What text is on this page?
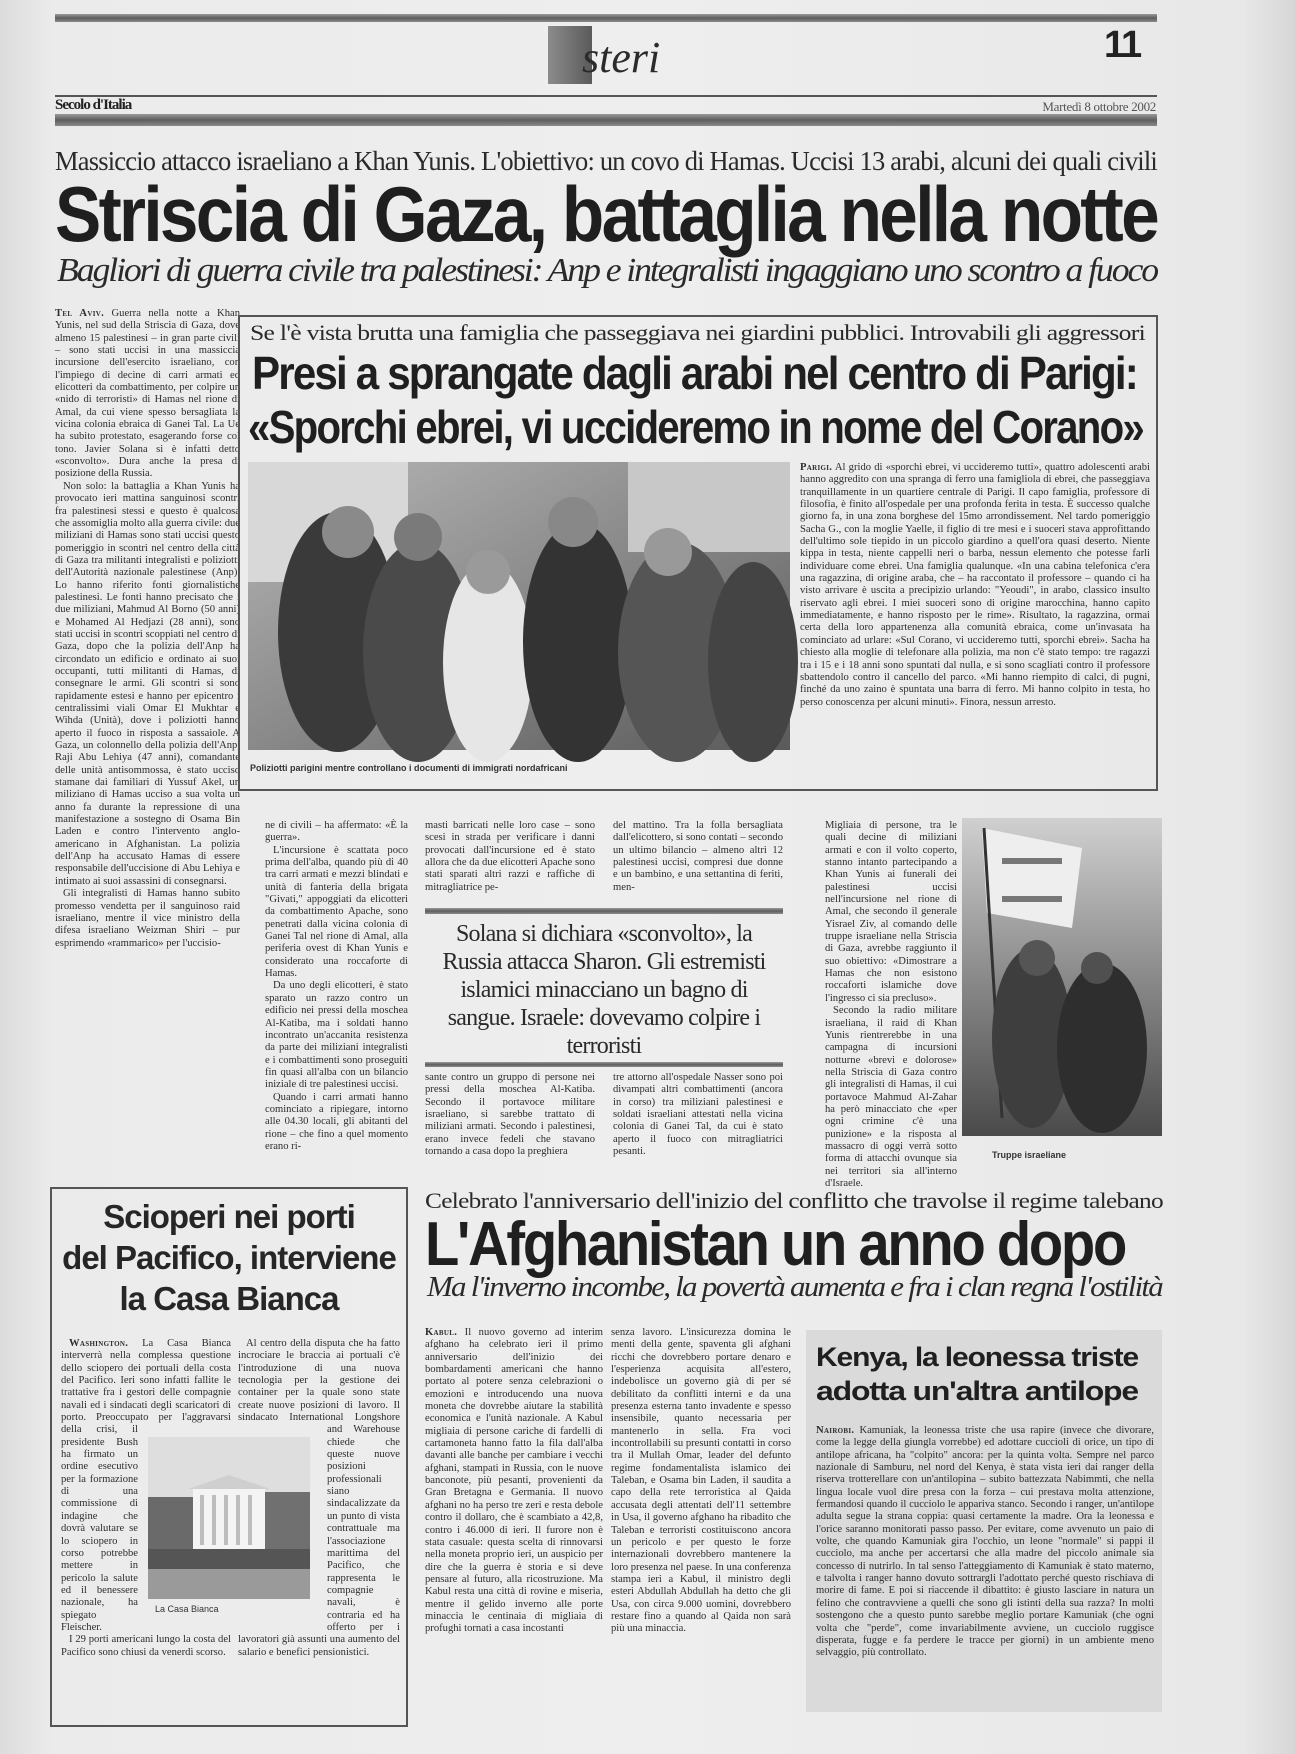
steri	11
Secolo d'Italia	Martedì 8 ottobre 2002
Massiccio attacco israeliano a Khan Yunis. L'obiettivo: un covo di Hamas. Uccisi 13 arabi, alcuni dei quali civili
Striscia di Gaza, battaglia nella notte
Bagliori di guerra civile tra palestinesi: Anp e integralisti ingaggiano uno scontro a fuoco

Tel Aviv. Guerra nella notte a Khan Yunis, nel sud della Striscia di Gaza, dove almeno 15 palestinesi – in gran parte civili – sono stati uccisi in una massiccia incursione dell'esercito israeliano, con l'impiego di decine di carri armati ed elicotteri da combattimento, per colpire un «nido di terroristi» di Hamas nel rione di Amal, da cui viene spesso bersagliata la vicina colonia ebraica di Ganei Tal. La Ue ha subito protestato, esagerando forse col tono. Javier Solana si è infatti detto «sconvolto». Dura anche la presa di posizione della Russia.

Non solo: la battaglia a Khan Yunis ha provocato ieri mattina sanguinosi scontri fra palestinesi stessi e questo è qualcosa che assomiglia molto alla guerra civile: due miliziani di Hamas sono stati uccisi questo pomeriggio in scontri nel centro della città di Gaza tra militanti integralisti e poliziotti dell'Autorità nazionale palestinese (Anp). Lo hanno riferito fonti giornalistiche palestinesi. Le fonti hanno precisato che i due miliziani, Mahmud Al Borno (50 anni) e Mohamed Al Hedjazi (28 anni), sono stati uccisi in scontri scoppiati nel centro di Gaza, dopo che la polizia dell'Anp ha circondato un edificio e ordinato ai suoi occupanti, tutti militanti di Hamas, di consegnare le armi. Gli scontri si sono rapidamente estesi e hanno per epicentro i centralissimi viali Omar El Mukhtar e Wihda (Unità), dove i poliziotti hanno aperto il fuoco in risposta a sassaiole. A Gaza, un colonnello della polizia dell'Anp, Raji Abu Lehiya (47 anni), comandante delle unità antisommossa, è stato ucciso stamane dai familiari di Yussuf Akel, un miliziano di Hamas ucciso a sua volta un anno fa durante la repressione di una manifestazione a sostegno di Osama Bin Laden e contro l'intervento anglo-americano in Afghanistan. La polizia dell'Anp ha accusato Hamas di essere responsabile dell'uccisione di Abu Lehiya e intimato ai suoi assassini di consegnarsi.

Gli integralisti di Hamas hanno subito promesso vendetta per il sanguinoso raid israeliano, mentre il vice ministro della difesa israeliano Weizman Shiri – pur esprimendo «rammarico» per l'uccisio-

Se l'è vista brutta una famiglia che passeggiava nei giardini pubblici. Introvabili gli aggressori
Presi a sprangate dagli arabi nel centro di Parigi:
«Sporchi ebrei, vi uccideremo in nome del Corano»
Poliziotti parigini mentre controllano i documenti di immigrati nordafricani

Parigi. Al grido di «sporchi ebrei, vi uccideremo tutti», quattro adolescenti arabi hanno aggredito con una spranga di ferro una famigliola di ebrei, che passeggiava tranquillamente in un quartiere centrale di Parigi. Il capo famiglia, professore di filosofia, è finito all'ospedale per una profonda ferita in testa. È successo qualche giorno fa, in una zona borghese del 15mo arrondissement. Nel tardo pomeriggio Sacha G., con la moglie Yaelle, il figlio di tre mesi e i suoceri stava approfittando dell'ultimo sole tiepido in un piccolo giardino a quell'ora quasi deserto. Niente kippa in testa, niente cappelli neri o barba, nessun elemento che potesse farli individuare come ebrei. Una famiglia qualunque. «In una cabina telefonica c'era una ragazzina, di origine araba, che – ha raccontato il professore – quando ci ha visto arrivare è uscita a precipizio urlando: "Yeoudi", in arabo, classico insulto riservato agli ebrei. I miei suoceri sono di origine marocchina, hanno capito immediatamente, e hanno risposto per le rime». Risultato, la ragazzina, ormai certa della loro appartenenza alla comunità ebraica, come un'invasata ha cominciato ad urlare: «Sul Corano, vi uccideremo tutti, sporchi ebrei». Sacha ha chiesto alla moglie di telefonare alla polizia, ma non c'è stato tempo: tre ragazzi tra i 15 e i 18 anni sono spuntati dal nulla, e si sono scagliati contro il professore sbattendolo contro il cancello del parco. «Mi hanno riempito di calci, di pugni, finché da uno zaino è spuntata una barra di ferro. Mi hanno colpito in testa, ho perso conoscenza per alcuni minuti». Finora, nessun arresto.

ne di civili – ha affermato: «È la guerra».

L'incursione è scattata poco prima dell'alba, quando più di 40 tra carri armati e mezzi blindati e unità di fanteria della brigata "Givati," appoggiati da elicotteri da combattimento Apache, sono penetrati dalla vicina colonia di Ganei Tal nel rione di Amal, alla periferia ovest di Khan Yunis e considerato una roccaforte di Hamas.

Da uno degli elicotteri, è stato sparato un razzo contro un edificio nei pressi della moschea Al-Katiba, ma i soldati hanno incontrato un'accanita resistenza da parte dei miliziani integralisti e i combattimenti sono proseguiti fin quasi all'alba con un bilancio iniziale di tre palestinesi uccisi.

Quando i carri armati hanno cominciato a ripiegare, intorno alle 04.30 locali, gli abitanti del rione – che fino a quel momento erano ri-

masti barricati nelle loro case – sono scesi in strada per verificare i danni provocati dall'incursione ed è stato allora che da due elicotteri Apache sono stati sparati altri razzi e raffiche di mitragliatrice pe-

del mattino. Tra la folla bersagliata dall'elicottero, si sono contati – secondo un ultimo bilancio – almeno altri 12 palestinesi uccisi, compresi due donne e un bambino, e una settantina di feriti, men-

Solana si dichiara «sconvolto», la Russia attacca Sharon. Gli estremisti islamici minacciano un bagno di sangue. Israele: dovevamo colpire i terroristi

sante contro un gruppo di persone nei pressi della moschea Al-Katiba. Secondo il portavoce militare israeliano, si sarebbe trattato di miliziani armati. Secondo i palestinesi, erano invece fedeli che stavano tornando a casa dopo la preghiera

tre attorno all'ospedale Nasser sono poi divampati altri combattimenti (ancora in corso) tra miliziani palestinesi e soldati israeliani attestati nella vicina colonia di Ganei Tal, da cui è stato aperto il fuoco con mitragliatrici pesanti.

Migliaia di persone, tra le quali decine di miliziani armati e con il volto coperto, stanno intanto partecipando a Khan Yunis ai funerali dei palestinesi uccisi nell'incursione nel rione di Amal, che secondo il generale Yisrael Ziv, al comando delle truppe israeliane nella Striscia di Gaza, avrebbe raggiunto il suo obiettivo: «Dimostrare a Hamas che non esistono roccaforti islamiche dove l'ingresso ci sia precluso».

Secondo la radio militare israeliana, il raid di Khan Yunis rientrerebbe in una campagna di incursioni notturne «brevi e dolorose» nella Striscia di Gaza contro gli integralisti di Hamas, il cui portavoce Mahmud Al-Zahar ha però minacciato che «per ogni crimine c'è una punizione» e la risposta al massacro di oggi verrà sotto forma di attacchi ovunque sia nei territori sia all'interno d'Israele.

Truppe israeliane
Scioperi nei porti
del Pacifico, interviene
la Casa Bianca
La Casa Bianca

Washington. La Casa Bianca interverrà nella complessa questione dello sciopero dei portuali della costa del Pacifico. Ieri sono infatti fallite le trattative fra i gestori delle compagnie navali ed i sindacati degli scaricatori di porto. Preoccupato per l'aggravarsi della crisi, il presidente Bush ha firmato un ordine esecutivo per la formazione di una commissione di indagine che dovrà valutare se lo sciopero in corso potrebbe mettere in pericolo la salute ed il benessere nazionale, ha spiegato Fleischer.

I 29 porti americani lungo la costa del Pacifico sono chiusi da venerdì scorso.

Al centro della disputa che ha fatto incrociare le braccia ai portuali c'è l'introduzione di una nuova tecnologia per la gestione dei container per la quale sono state create nuove posizioni di lavoro. Il sindacato International Longshore and Warehouse chiede che queste nuove posizioni professionali siano sindacalizzate da un punto di vista contrattuale ma l'associazione marittima del Pacifico, che rappresenta le compagnie navali, è contraria ed ha offerto per i lavoratori già assunti una aumento del salario e benefici pensionistici.

Celebrato l'anniversario dell'inizio del conflitto che travolse il regime talebano
L'Afghanistan un anno dopo
Ma l'inverno incombe, la povertà aumenta e fra i clan regna l'ostilità

Kabul. Il nuovo governo ad interim afghano ha celebrato ieri il primo anniversario dell'inizio dei bombardamenti americani che hanno portato al potere senza celebrazioni o emozioni e introducendo una nuova moneta che dovrebbe aiutare la stabilità economica e l'unità nazionale. A Kabul migliaia di persone cariche di fardelli di cartamoneta hanno fatto la fila dall'alba davanti alle banche per cambiare i vecchi afghani, stampati in Russia, con le nuove banconote, più pesanti, provenienti da Gran Bretagna e Germania. Il nuovo afghani no ha perso tre zeri e resta debole contro il dollaro, che è scambiato a 42,8, contro i 46.000 di ieri. Il furore non è stata casuale: questa scelta di rinnovarsi nella moneta proprio ieri, un auspicio per dire che la guerra è storia e si deve pensare al futuro, alla ricostruzione. Ma Kabul resta una città di rovine e miseria, mentre il gelido inverno alle porte minaccia le centinaia di migliaia di profughi tornati a casa incostanti

senza lavoro. L'insicurezza domina le menti della gente, spaventa gli afghani ricchi che dovrebbero portare denaro e l'esperienza acquisita all'estero, indebolisce un governo già di per sé debilitato da conflitti interni e da una presenza esterna tanto invadente e spesso insensibile, quanto necessaria per mantenerlo in sella. Fra voci incontrollabili su presunti contatti in corso tra il Mullah Omar, leader del defunto regime fondamentalista islamico dei Taleban, e Osama bin Laden, il saudita a capo della rete terroristica al Qaida accusata degli attentati dell'11 settembre in Usa, il governo afghano ha ribadito che Taleban e terroristi costituiscono ancora un pericolo e per questo le forze internazionali dovrebbero mantenere la loro presenza nel paese. In una conferenza stampa ieri a Kabul, il ministro degli esteri Abdullah Abdullah ha detto che gli Usa, con circa 9.000 uomini, dovrebbero restare fino a quando al Qaida non sarà più una minaccia.

Kenya, la leonessa triste
adotta un'altra antilope

Nairobi. Kamuniak, la leonessa triste che usa rapire (invece che divorare, come la legge della giungla vorrebbe) ed adottare cuccioli di orice, un tipo di antilope africana, ha "colpito" ancora: per la quinta volta. Sempre nel parco nazionale di Samburu, nel nord del Kenya, è stata vista ieri dai ranger della riserva trotterellare con un'antilopina – subito battezzata Nabimmti, che nella lingua locale vuol dire presa con la forza – cui prestava molta attenzione, fermandosi quando il cucciolo le appariva stanco. Secondo i ranger, un'antilope adulta segue la strana coppia: quasi certamente la madre. Ora la leonessa e l'orice saranno monitorati passo passo. Per evitare, come avvenuto un paio di volte, che quando Kamuniak gira l'occhio, un leone "normale" si pappi il cucciolo, ma anche per accertarsi che alla madre del piccolo animale sia concesso di nutrirlo. In tal senso l'atteggiamento di Kamuniak è stato materno, e talvolta i ranger hanno dovuto sottrargli l'adottato perché questo rischiava di morire di fame. E poi si riaccende il dibattito: è giusto lasciare in natura un felino che contravviene a quelli che sono gli istinti della sua razza? In molti sostengono che a questo punto sarebbe meglio portare Kamuniak (che ogni volta che "perde", come invariabilmente avviene, un cucciolo ruggisce disperata, fugge e fa perdere le tracce per giorni) in un ambiente meno selvaggio, più controllato.
